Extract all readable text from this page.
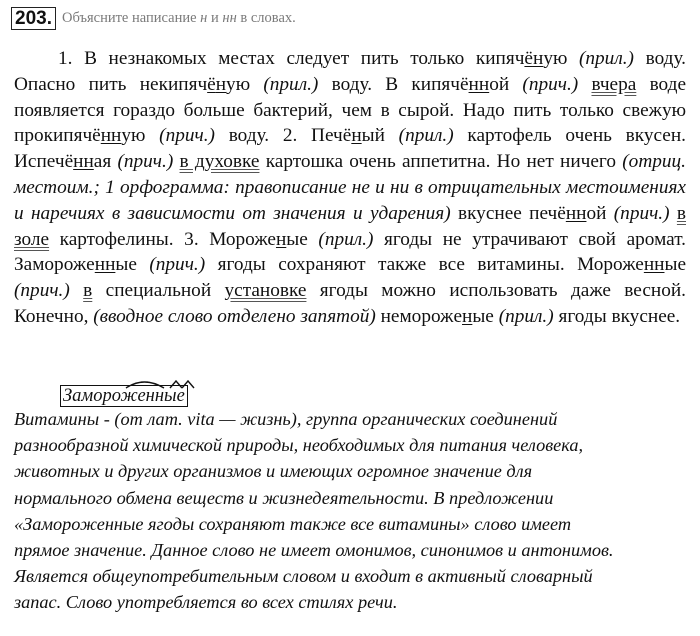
203. Объясните написание н и нн в словах.

1. В незнакомых местах следует пить только кипячёную (прил.) воду. Опасно пить некипячёную (прил.) воду. В кипячённой (прич.) вчера воде появляется гораздо больше бактерий, чем в сырой. Надо пить только свежую прокипячённую (прич.) воду. 2. Печёный (прил.) картофель очень вкусен. Испечённая (прич.) в духовке картошка очень аппетитна. Но нет ничего (отриц. местоим.; 1 орфограмма: правописание не и ни в отрицательных местоимениях и наречиях в зависимости от значения и ударения) вкуснее печённой (прич.) в золе картофелины. 3. Мороженые (прил.) ягоды не утрачивают свой аромат. Заморожeнные (прич.) ягоды сохраняют также все витамины. Мороженные (прич.) в специальной установке ягоды можно использовать даже весной. Конечно, (вводное слово отделено запятой) неморожeные (прил.) ягоды вкуснее.

Замороженные
Витамины - (от лат. vita — жизнь), группа органических соединений
разнообразной химической природы, необходимых для питания человека,
животных и других организмов и имеющих огромное значение для
нормального обмена веществ и жизнедеятельности. В предложении
«Замороженные ягоды сохраняют также все витамины» слово имеет
прямое значение. Данное слово не имеет омонимов, синонимов и антонимов.
Является общеупотребительным словом и входит в активный словарный
запас. Слово употребляется во всех стилях речи.
